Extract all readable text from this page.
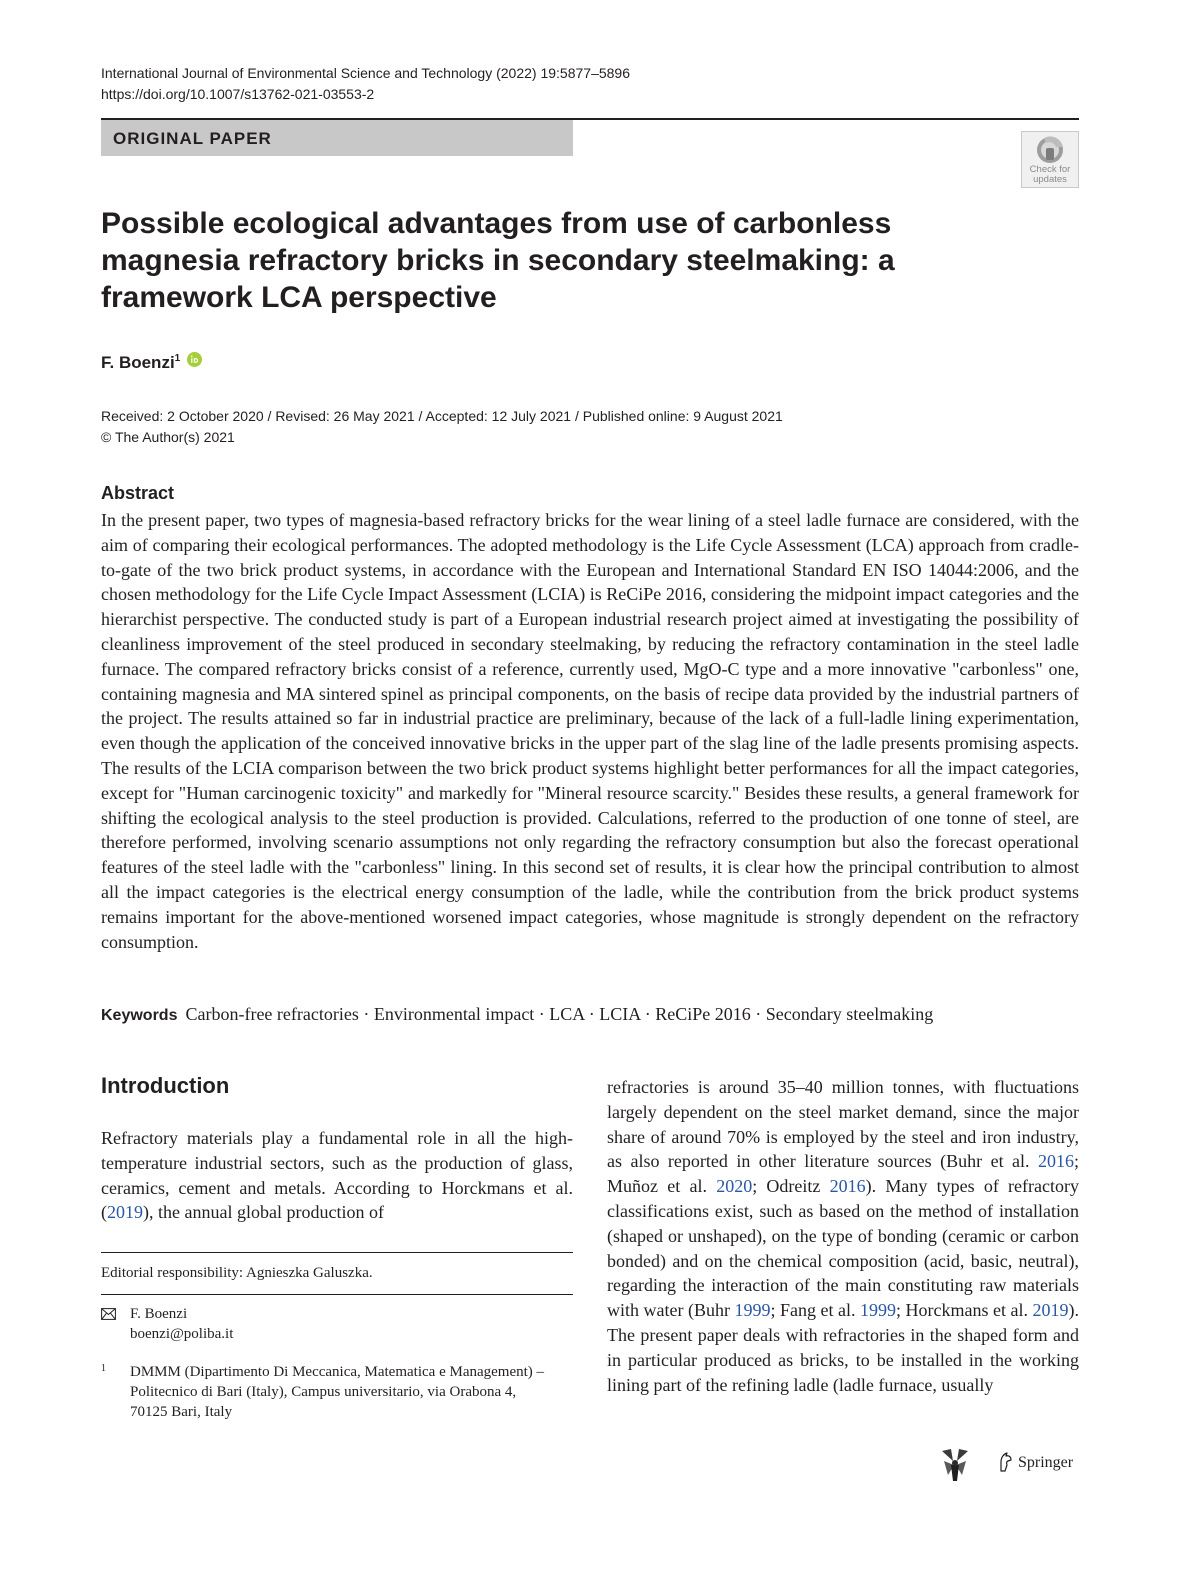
International Journal of Environmental Science and Technology (2022) 19:5877–5896
https://doi.org/10.1007/s13762-021-03553-2
ORIGINAL PAPER
Check for
updates
Possible ecological advantages from use of carbonless magnesia refractory bricks in secondary steelmaking: a framework LCA perspective
F. Boenzi$^1$
Received: 2 October 2020 / Revised: 26 May 2021 / Accepted: 12 July 2021 / Published online: 9 August 2021
© The Author(s) 2021
Abstract

In the present paper, two types of magnesia-based refractory bricks for the wear lining of a steel ladle furnace are considered, with the aim of comparing their ecological performances. The adopted methodology is the Life Cycle Assessment (LCA) approach from cradle-to-gate of the two brick product systems, in accordance with the European and International Standard EN ISO 14044:2006, and the chosen methodology for the Life Cycle Impact Assessment (LCIA) is ReCiPe 2016, considering the midpoint impact categories and the hierarchist perspective. The conducted study is part of a European industrial research project aimed at investigating the possibility of cleanliness improvement of the steel produced in secondary steelmaking, by reducing the refractory contamination in the steel ladle furnace. The compared refractory bricks consist of a reference, currently used, MgO-C type and a more innovative "carbonless" one, containing magnesia and MA sintered spinel as principal components, on the basis of recipe data provided by the industrial partners of the project. The results attained so far in industrial practice are preliminary, because of the lack of a full-ladle lining experimentation, even though the application of the conceived innovative bricks in the upper part of the slag line of the ladle presents promising aspects. The results of the LCIA comparison between the two brick product systems highlight better performances for all the impact categories, except for "Human carcinogenic toxicity" and markedly for "Mineral resource scarcity." Besides these results, a general framework for shifting the ecological analysis to the steel production is provided. Calculations, referred to the production of one tonne of steel, are therefore performed, involving scenario assumptions not only regarding the refractory consumption but also the forecast operational features of the steel ladle with the "carbonless" lining. In this second set of results, it is clear how the principal contribution to almost all the impact categories is the electrical energy consumption of the ladle, while the contribution from the brick product systems remains important for the above-mentioned worsened impact categories, whose magnitude is strongly dependent on the refractory consumption.

Keywords Carbon-free refractories · Environmental impact · LCA · LCIA · ReCiPe 2016 · Secondary steelmaking
Introduction

Refractory materials play a fundamental role in all the high-temperature industrial sectors, such as the production of glass, ceramics, cement and metals. According to Horckmans et al. (2019), the annual global production of

refractories is around 35–40 million tonnes, with fluctuations largely dependent on the steel market demand, since the major share of around 70% is employed by the steel and iron industry, as also reported in other literature sources (Buhr et al. 2016; Muñoz et al. 2020; Odreitz 2016). Many types of refractory classifications exist, such as based on the method of installation (shaped or unshaped), on the type of bonding (ceramic or carbon bonded) and on the chemical composition (acid, basic, neutral), regarding the interaction of the main constituting raw materials with water (Buhr 1999; Fang et al. 1999; Horckmans et al. 2019). The present paper deals with refractories in the shaped form and in particular produced as bricks, to be installed in the working lining part of the refining ladle (ladle furnace, usually

Editorial responsibility: Agnieszka Galuszka.
F. Boenzi
boenzi@poliba.it
1 DMMM (Dipartimento Di Meccanica, Matematica e Management) – Politecnico di Bari (Italy), Campus universitario, via Orabona 4, 70125 Bari, Italy
Springer
